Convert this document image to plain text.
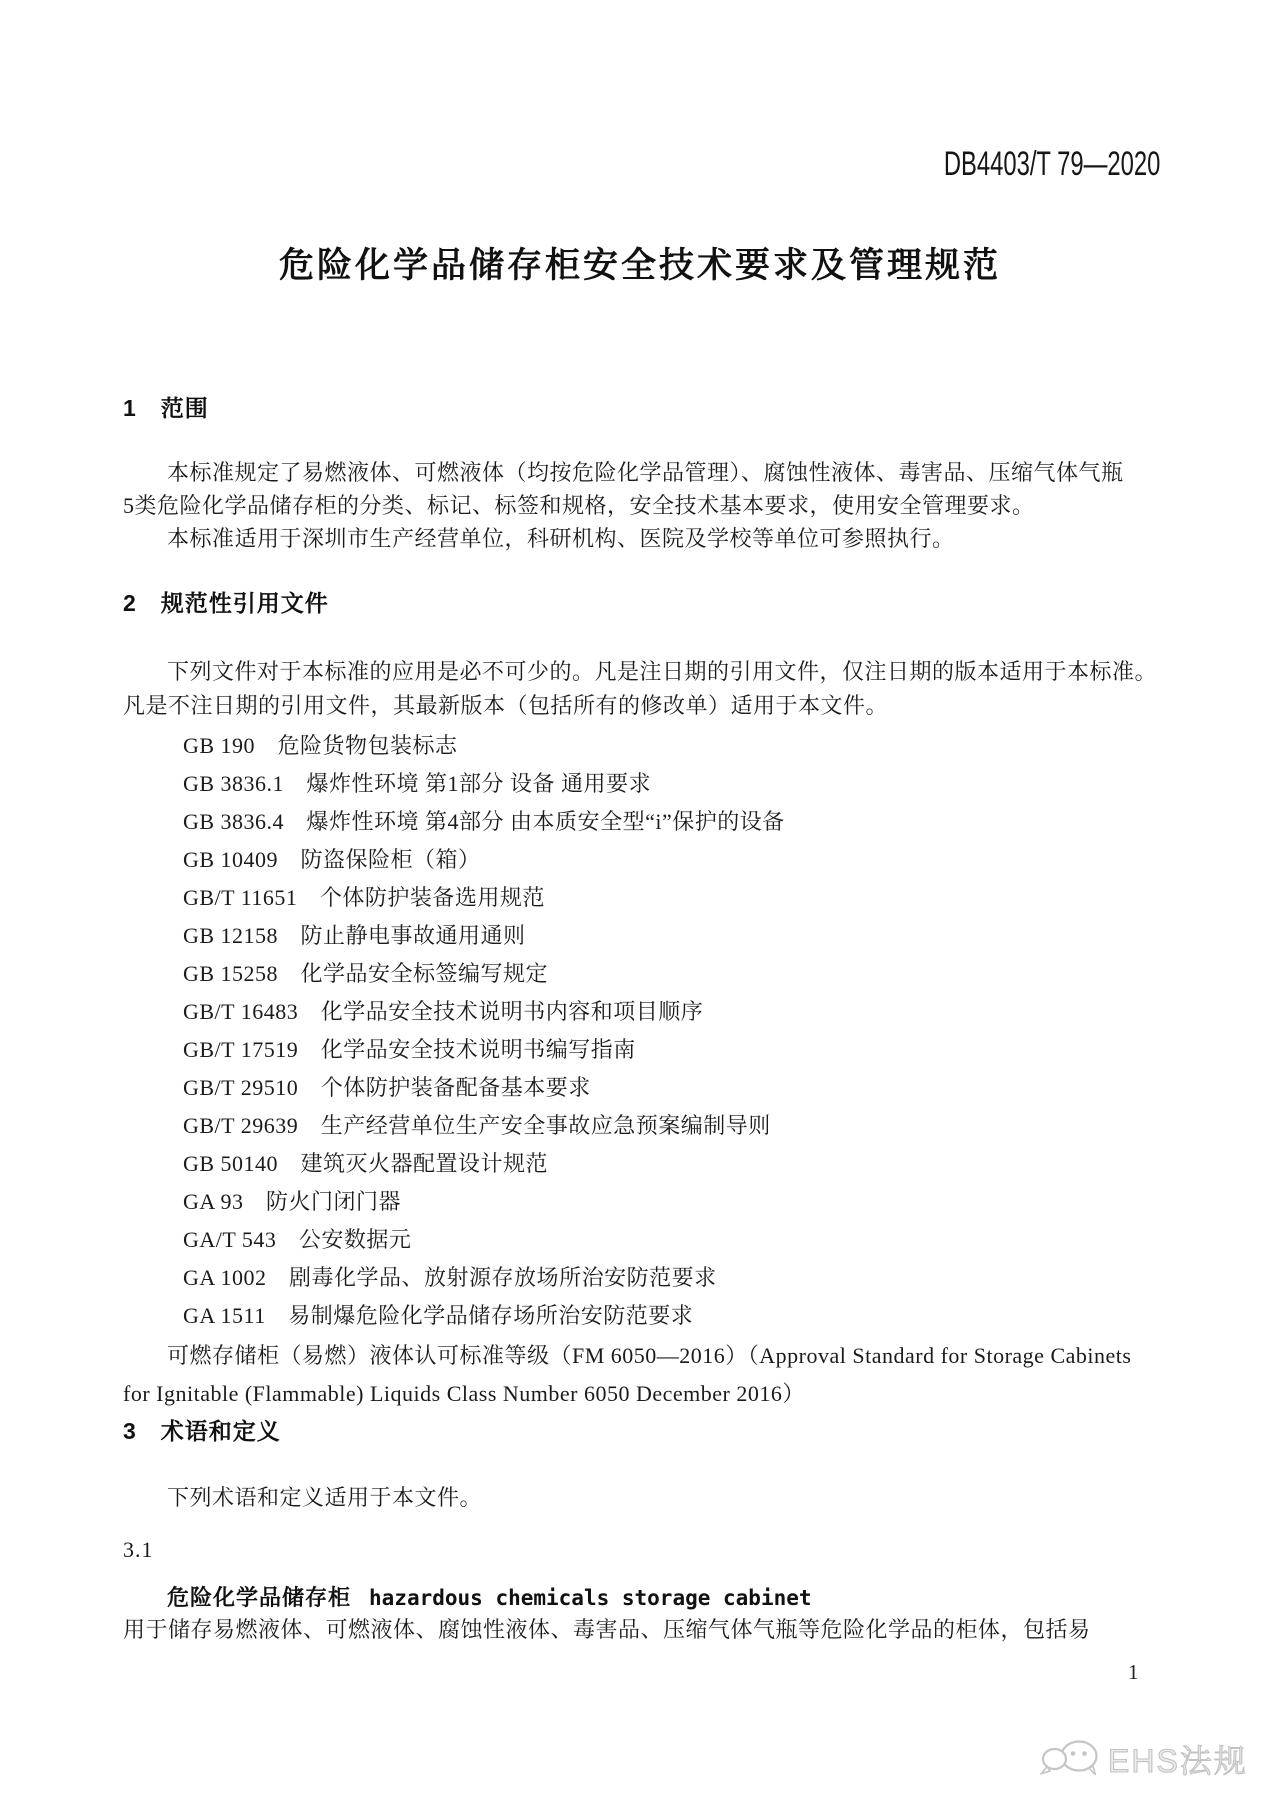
DB4403/T 79—2020
危险化学品储存柜安全技术要求及管理规范
1 范围

本标准规定了易燃液体、可燃液体（均按危险化学品管理）、腐蚀性液体、毒害品、压缩气体气瓶

5类危险化学品储存柜的分类、标记、标签和规格，安全技术基本要求，使用安全管理要求。

本标准适用于深圳市生产经营单位，科研机构、医院及学校等单位可参照执行。

2 规范性引用文件

下列文件对于本标准的应用是必不可少的。凡是注日期的引用文件，仅注日期的版本适用于本标准。

凡是不注日期的引用文件，其最新版本（包括所有的修改单）适用于本文件。

GB 190　危险货物包装标志
GB 3836.1　爆炸性环境 第1部分 设备 通用要求
GB 3836.4　爆炸性环境 第4部分 由本质安全型“i”保护的设备
GB 10409　防盗保险柜（箱）
GB/T 11651　个体防护装备选用规范
GB 12158　防止静电事故通用通则
GB 15258　化学品安全标签编写规定
GB/T 16483　化学品安全技术说明书内容和项目顺序
GB/T 17519　化学品安全技术说明书编写指南
GB/T 29510　个体防护装备配备基本要求
GB/T 29639　生产经营单位生产安全事故应急预案编制导则
GB 50140　建筑灭火器配置设计规范
GA 93　防火门闭门器
GA/T 543　公安数据元
GA 1002　剧毒化学品、放射源存放场所治安防范要求
GA 1511　易制爆危险化学品储存场所治安防范要求

可燃存储柜（易燃）液体认可标准等级（FM 6050—2016）（Approval Standard for Storage Cabinets

for Ignitable (Flammable) Liquids Class Number 6050 December 2016）

3 术语和定义

下列术语和定义适用于本文件。

3.1
危险化学品储存柜 hazardous chemicals storage cabinet

用于储存易燃液体、可燃液体、腐蚀性液体、毒害品、压缩气体气瓶等危险化学品的柜体，包括易

1
EHS法规
